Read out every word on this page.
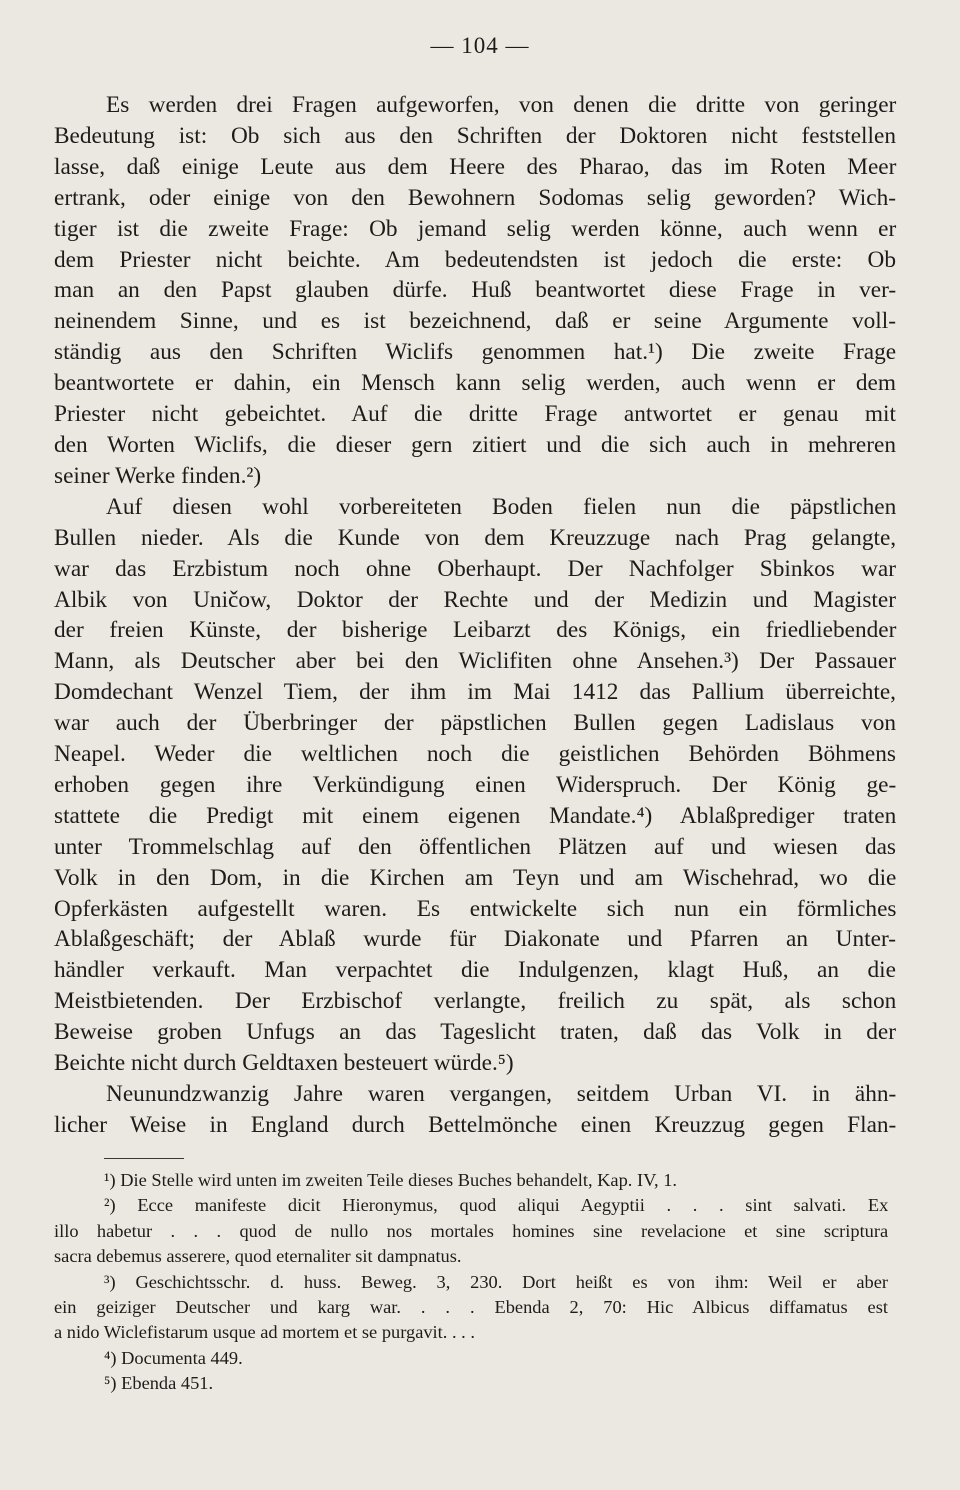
— 104 —

Es werden drei Fragen aufgeworfen, von denen die dritte von geringer
Bedeutung ist: Ob sich aus den Schriften der Doktoren nicht feststellen
lasse, daß einige Leute aus dem Heere des Pharao, das im Roten Meer
ertrank, oder einige von den Bewohnern Sodomas selig geworden? Wich-
tiger ist die zweite Frage: Ob jemand selig werden könne, auch wenn er
dem Priester nicht beichte. Am bedeutendsten ist jedoch die erste: Ob
man an den Papst glauben dürfe. Huß beantwortet diese Frage in ver-
neinendem Sinne, und es ist bezeichnend, daß er seine Argumente voll-
ständig aus den Schriften Wiclifs genommen hat.¹) Die zweite Frage
beantwortete er dahin, ein Mensch kann selig werden, auch wenn er dem
Priester nicht gebeichtet. Auf die dritte Frage antwortet er genau mit
den Worten Wiclifs, die dieser gern zitiert und die sich auch in mehreren
seiner Werke finden.²)

Auf diesen wohl vorbereiteten Boden fielen nun die päpstlichen
Bullen nieder. Als die Kunde von dem Kreuzzuge nach Prag gelangte,
war das Erzbistum noch ohne Oberhaupt. Der Nachfolger Sbinkos war
Albik von Uničow, Doktor der Rechte und der Medizin und Magister
der freien Künste, der bisherige Leibarzt des Königs, ein friedliebender
Mann, als Deutscher aber bei den Wiclifiten ohne Ansehen.³) Der Passauer
Domdechant Wenzel Tiem, der ihm im Mai 1412 das Pallium überreichte,
war auch der Überbringer der päpstlichen Bullen gegen Ladislaus von
Neapel. Weder die weltlichen noch die geistlichen Behörden Böhmens
erhoben gegen ihre Verkündigung einen Widerspruch. Der König ge-
stattete die Predigt mit einem eigenen Mandate.⁴) Ablaßprediger traten
unter Trommelschlag auf den öffentlichen Plätzen auf und wiesen das
Volk in den Dom, in die Kirchen am Teyn und am Wischehrad, wo die
Opferkästen aufgestellt waren. Es entwickelte sich nun ein förmliches
Ablaßgeschäft; der Ablaß wurde für Diakonate und Pfarren an Unter-
händler verkauft. Man verpachtet die Indulgenzen, klagt Huß, an die
Meistbietenden. Der Erzbischof verlangte, freilich zu spät, als schon
Beweise groben Unfugs an das Tageslicht traten, daß das Volk in der
Beichte nicht durch Geldtaxen besteuert würde.⁵)

Neunundzwanzig Jahre waren vergangen, seitdem Urban VI. in ähn-
licher Weise in England durch Bettelmönche einen Kreuzzug gegen Flan-

¹) Die Stelle wird unten im zweiten Teile dieses Buches behandelt, Kap. IV, 1.

²) Ecce manifeste dicit Hieronymus, quod aliqui Aegyptii . . . sint salvati. Ex
illo habetur . . . quod de nullo nos mortales homines sine revelacione et sine scriptura
sacra debemus asserere, quod eternaliter sit dampnatus.

³) Geschichtsschr. d. huss. Beweg. 3, 230. Dort heißt es von ihm: Weil er aber
ein geiziger Deutscher und karg war. . . . Ebenda 2, 70: Hic Albicus diffamatus est
a nido Wiclefistarum usque ad mortem et se purgavit. . . .

⁴) Documenta 449.

⁵) Ebenda 451.
